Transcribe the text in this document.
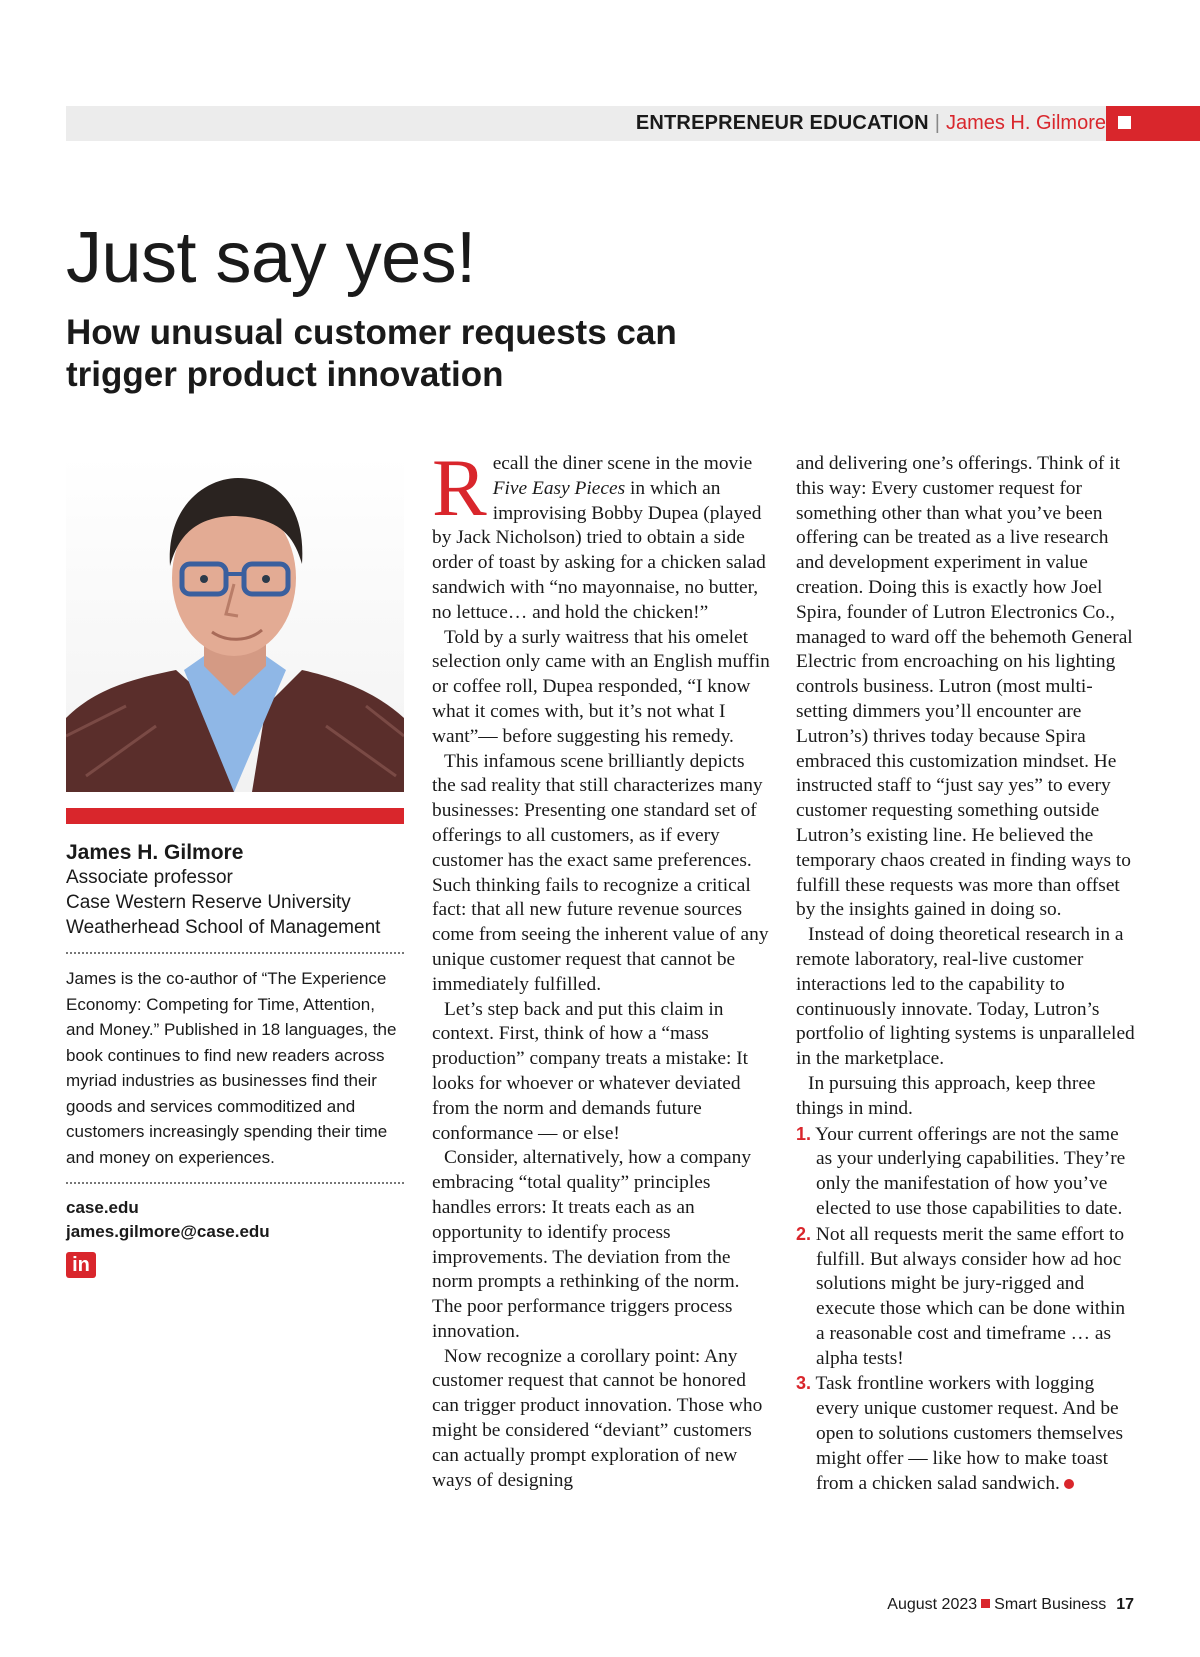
ENTREPRENEUR EDUCATION | James H. Gilmore
Just say yes!
How unusual customer requests can trigger product innovation
James H. Gilmore
Associate professor
Case Western Reserve University
Weatherhead School of Management
James is the co-author of “The Experience Economy: Competing for Time, Attention, and Money.” Published in 18 languages, the book continues to find new readers across myriad industries as businesses find their goods and services commoditized and customers increasingly spending their time and money on experiences.
case.edu
james.gilmore@case.edu
in

Recall the diner scene in the movie Five Easy Pieces in which an improvising Bobby Dupea (played by Jack Nicholson) tried to obtain a side order of toast by asking for a chicken salad sandwich with “no mayonnaise, no butter, no lettuce… and hold the chicken!”

Told by a surly waitress that his omelet selection only came with an English muffin or coffee roll, Dupea responded, “I know what it comes with, but it’s not what I want”— before suggesting his remedy.

This infamous scene brilliantly depicts the sad reality that still characterizes many businesses: Presenting one standard set of offerings to all customers, as if every customer has the exact same preferences. Such thinking fails to recognize a critical fact: that all new future revenue sources come from seeing the inherent value of any unique customer request that cannot be immediately fulfilled.

Let’s step back and put this claim in context. First, think of how a “mass production” company treats a mistake: It looks for whoever or whatever deviated from the norm and demands future conformance — or else!

Consider, alternatively, how a company embracing “total quality” principles handles errors: It treats each as an opportunity to identify process improvements. The deviation from the norm prompts a rethinking of the norm. The poor performance triggers process innovation.

Now recognize a corollary point: Any customer request that cannot be honored can trigger product innovation. Those who might be considered “deviant” customers can actually prompt exploration of new ways of designing

and delivering one’s offerings. Think of it this way: Every customer request for something other than what you’ve been offering can be treated as a live research and development experiment in value creation. Doing this is exactly how Joel Spira, founder of Lutron Electronics Co., managed to ward off the behemoth General Electric from encroaching on his lighting controls business. Lutron (most multi-setting dimmers you’ll encounter are Lutron’s) thrives today because Spira embraced this customization mindset. He instructed staff to “just say yes” to every customer requesting something outside Lutron’s existing line. He believed the temporary chaos created in finding ways to fulfill these requests was more than offset by the insights gained in doing so.

Instead of doing theoretical research in a remote laboratory, real-live customer interactions led to the capability to continuously innovate. Today, Lutron’s portfolio of lighting systems is unparalleled in the marketplace.

In pursuing this approach, keep three things in mind.

1. Your current offerings are not the same as your underlying capabilities. They’re only the manifestation of how you’ve elected to use those capabilities to date.

2. Not all requests merit the same effort to fulfill. But always consider how ad hoc solutions might be jury-rigged and execute those which can be done within a reasonable cost and timeframe … as alpha tests!

3. Task frontline workers with logging every unique customer request. And be open to solutions customers themselves might offer — like how to make toast from a chicken salad sandwich.

August 2023 Smart Business 17
